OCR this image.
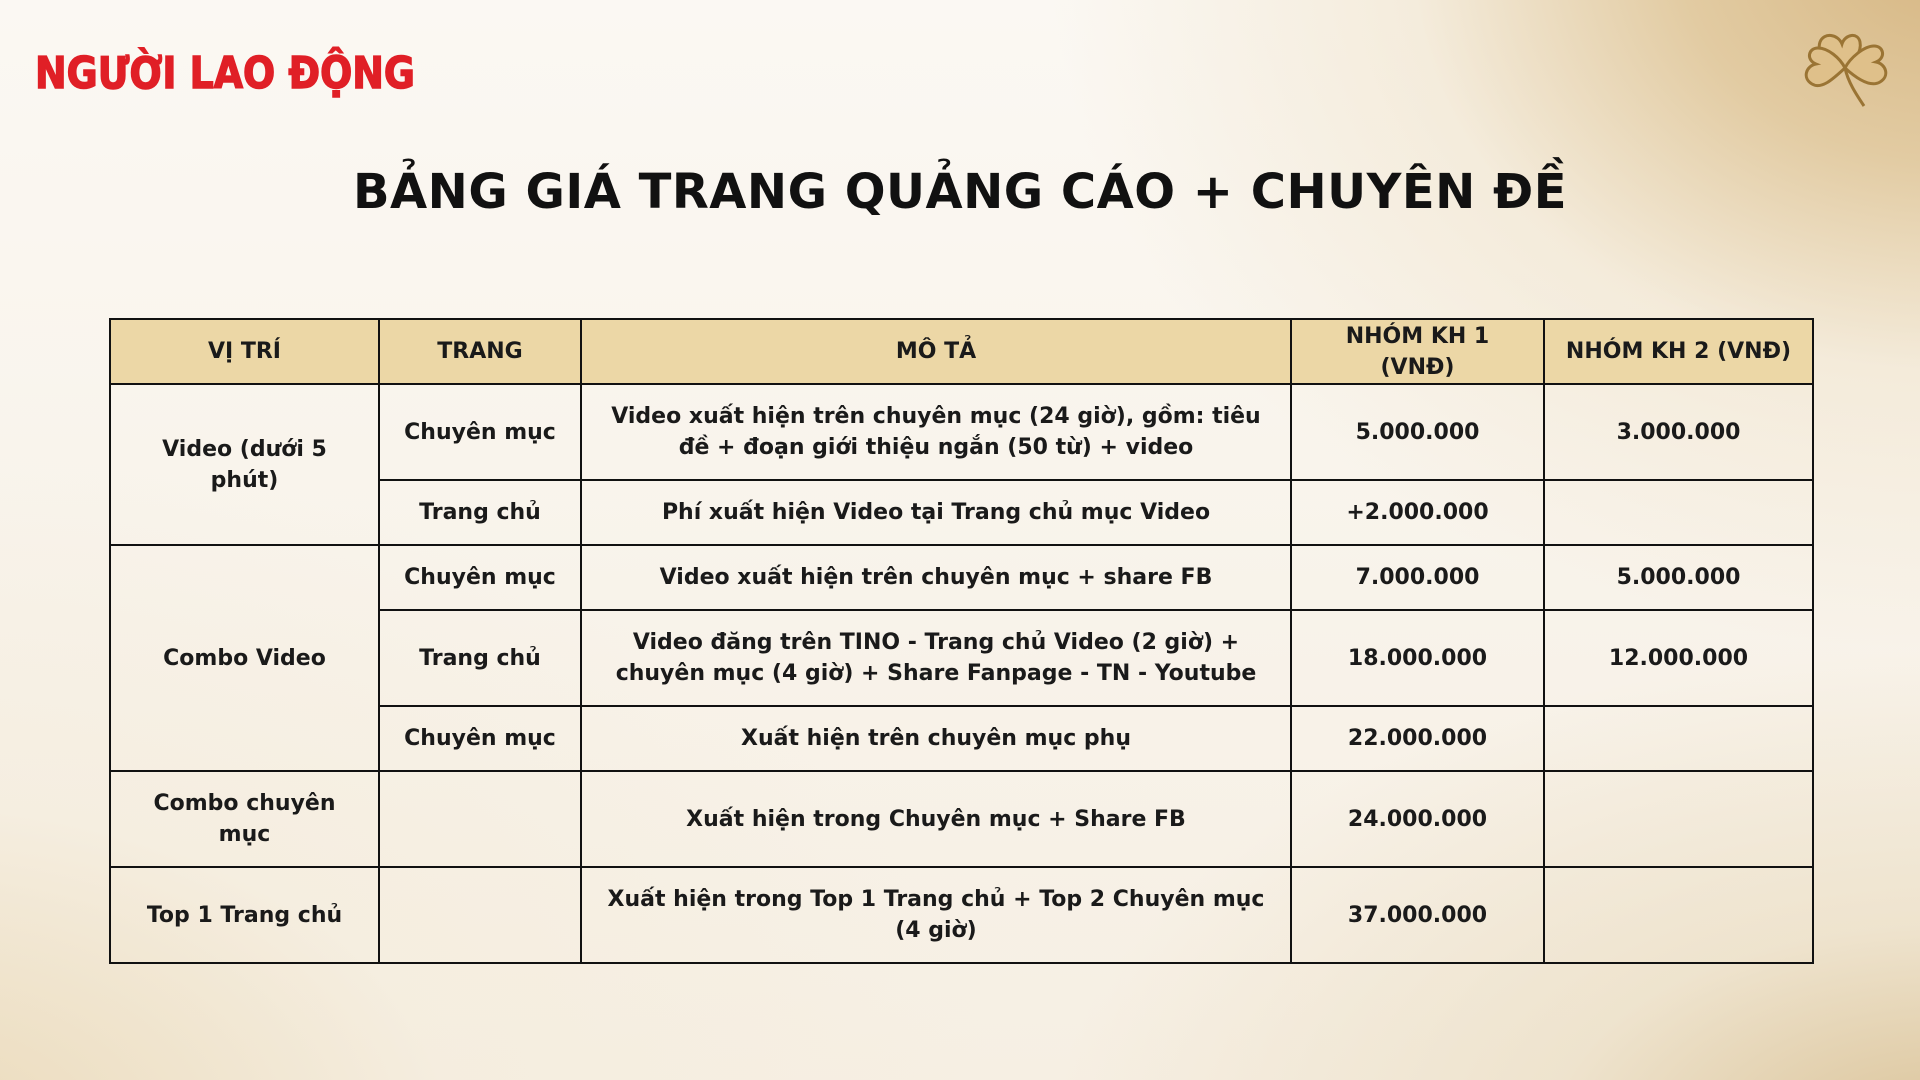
NGƯỜI LAO ĐỘNG
BẢNG GIÁ TRANG QUẢNG CÁO + CHUYÊN ĐỀ
VỊ TRÍ	TRANG	MÔ TẢ	NHÓM KH 1 (VNĐ)	NHÓM KH 2 (VNĐ)
Video (dưới 5 phút)	Chuyên mục	Video xuất hiện trên chuyên mục (24 giờ), gồm: tiêu đề + đoạn giới thiệu ngắn (50 từ) + video	5.000.000	3.000.000
	Trang chủ	Phí xuất hiện Video tại Trang chủ mục Video	+2.000.000	
Combo Video	Chuyên mục	Video xuất hiện trên chuyên mục + share FB	7.000.000	5.000.000
	Trang chủ	Video đăng trên TINO - Trang chủ Video (2 giờ) + chuyên mục (4 giờ) + Share Fanpage - TN - Youtube	18.000.000	12.000.000
	Chuyên mục	Xuất hiện trên chuyên mục phụ	22.000.000	
Combo chuyên mục		Xuất hiện trong Chuyên mục + Share FB	24.000.000	
Top 1 Trang chủ		Xuất hiện trong Top 1 Trang chủ + Top 2 Chuyên mục (4 giờ)	37.000.000	
